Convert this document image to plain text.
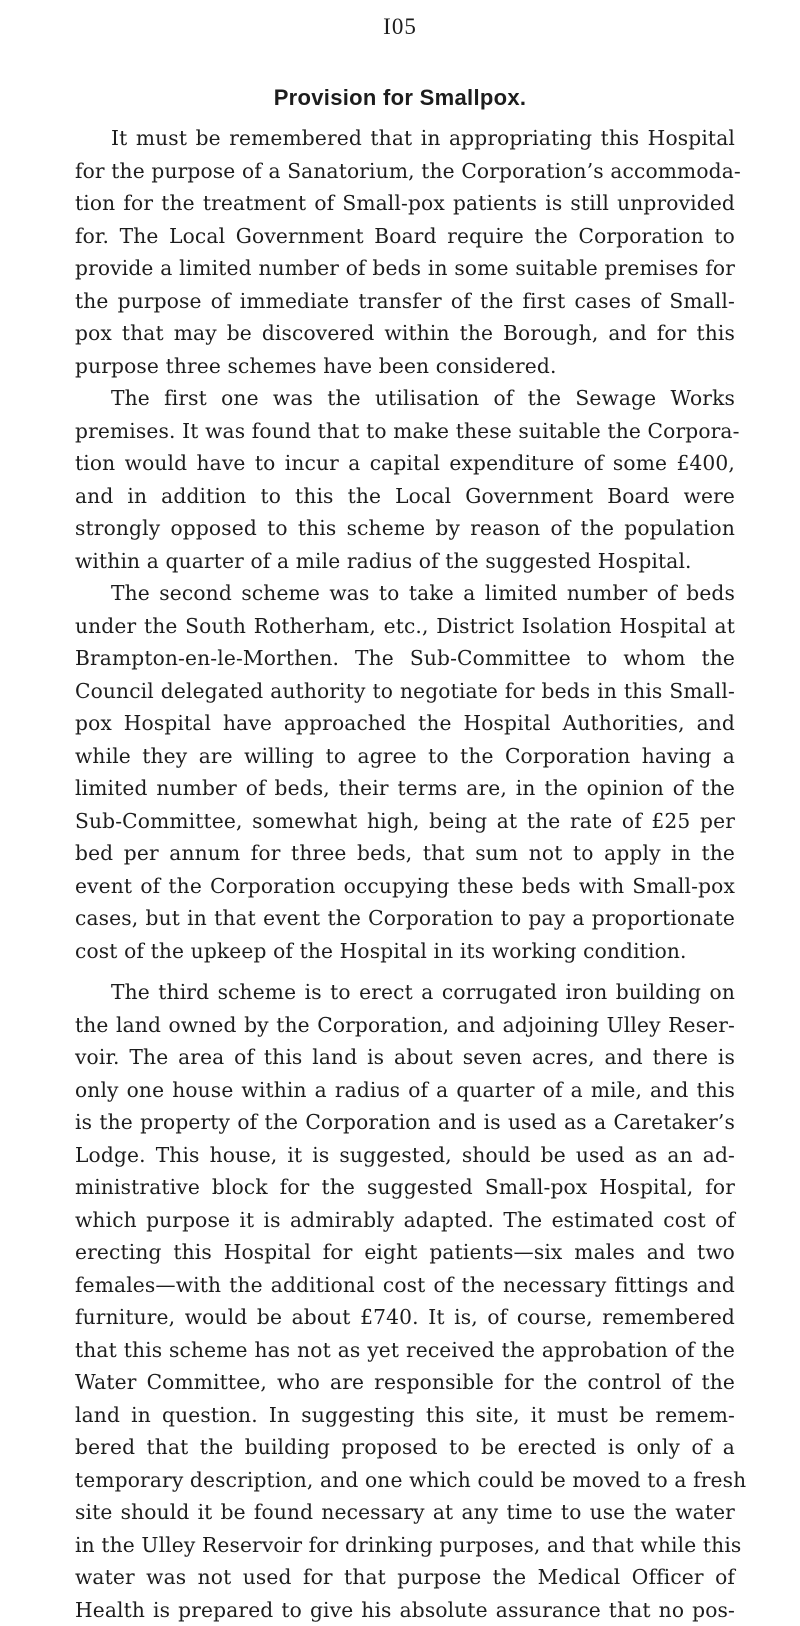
I05
Provision for Smallpox.
It must be remembered that in appropriating this Hospital
for the purpose of a Sanatorium, the Corporation’s accommoda-
tion for the treatment of Small-pox patients is still unprovided
for. The Local Government Board require the Corporation to
provide a limited number of beds in some suitable premises for
the purpose of immediate transfer of the first cases of Small-
pox that may be discovered within the Borough, and for this
purpose three schemes have been considered.
The first one was the utilisation of the Sewage Works
premises. It was found that to make these suitable the Corpora-
tion would have to incur a capital expenditure of some £400,
and in addition to this the Local Government Board were
strongly opposed to this scheme by reason of the population
within a quarter of a mile radius of the suggested Hospital.
The second scheme was to take a limited number of beds
under the South Rotherham, etc., District Isolation Hospital at
Brampton-en-le-Morthen. The Sub-Committee to whom the
Council delegated authority to negotiate for beds in this Small-
pox Hospital have approached the Hospital Authorities, and
while they are willing to agree to the Corporation having a
limited number of beds, their terms are, in the opinion of the
Sub-Committee, somewhat high, being at the rate of £25 per
bed per annum for three beds, that sum not to apply in the
event of the Corporation occupying these beds with Small-pox
cases, but in that event the Corporation to pay a proportionate
cost of the upkeep of the Hospital in its working condition.
The third scheme is to erect a corrugated iron building on
the land owned by the Corporation, and adjoining Ulley Reser-
voir. The area of this land is about seven acres, and there is
only one house within a radius of a quarter of a mile, and this
is the property of the Corporation and is used as a Caretaker’s
Lodge. This house, it is suggested, should be used as an ad-
ministrative block for the suggested Small-pox Hospital, for
which purpose it is admirably adapted. The estimated cost of
erecting this Hospital for eight patients—six males and two
females—with the additional cost of the necessary fittings and
furniture, would be about £740. It is, of course, remembered
that this scheme has not as yet received the approbation of the
Water Committee, who are responsible for the control of the
land in question. In suggesting this site, it must be remem-
bered that the building proposed to be erected is only of a
temporary description, and one which could be moved to a fresh
site should it be found necessary at any time to use the water
in the Ulley Reservoir for drinking purposes, and that while this
water was not used for that purpose the Medical Officer of
Health is prepared to give his absolute assurance that no pos-
